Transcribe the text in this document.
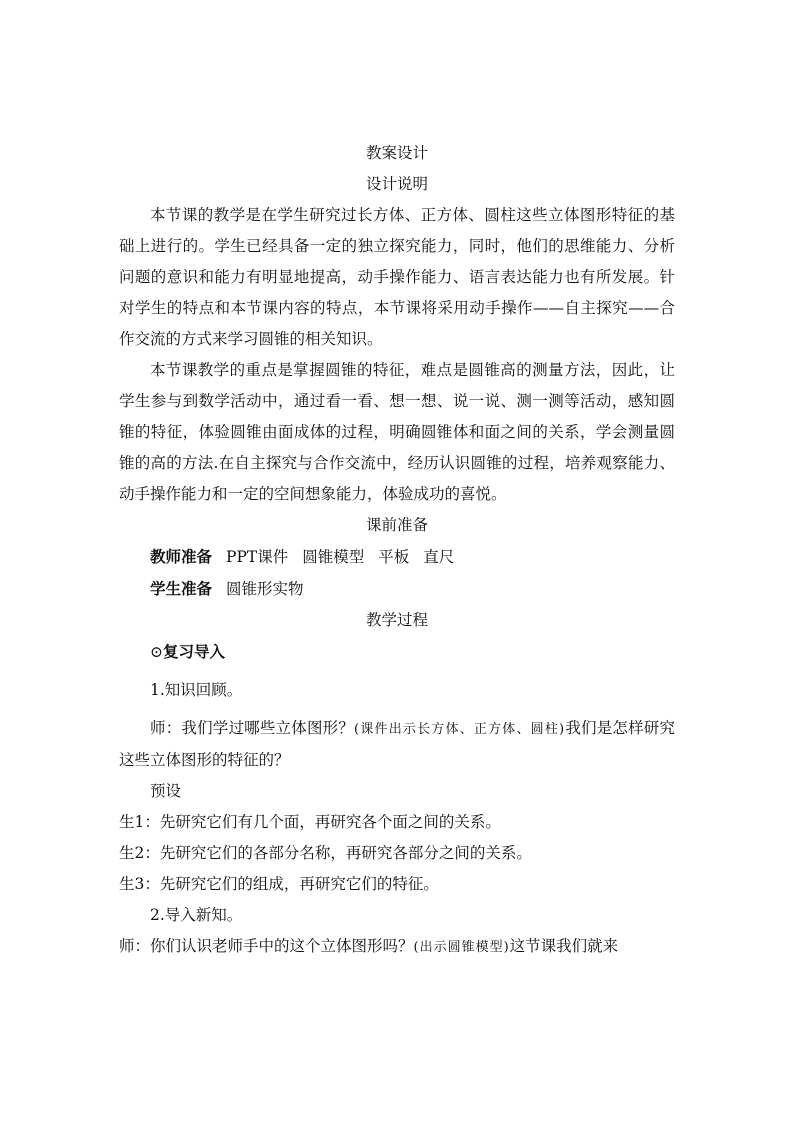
教案设计

设计说明

本节课的教学是在学生研究过长方体、正方体、圆柱这些立体图形特征的基础上进行的。学生已经具备一定的独立探究能力，同时，他们的思维能力、分析问题的意识和能力有明显地提高，动手操作能力、语言表达能力也有所发展。针对学生的特点和本节课内容的特点，本节课将采用动手操作——自主探究——合作交流的方式来学习圆锥的相关知识。

本节课教学的重点是掌握圆锥的特征，难点是圆锥高的测量方法，因此，让学生参与到数学活动中，通过看一看、想一想、说一说、测一测等活动，感知圆锥的特征，体验圆锥由面成体的过程，明确圆锥体和面之间的关系，学会测量圆锥的高的方法.在自主探究与合作交流中，经历认识圆锥的过程，培养观察能力、动手操作能力和一定的空间想象能力，体验成功的喜悦。

课前准备

教师准备 PPT课件 圆锥模型 平板 直尺

学生准备 圆锥形实物

教学过程

⊙复习导入

1.知识回顾。

师：我们学过哪些立体图形？(课件出示长方体、正方体、圆柱)我们是怎样研究这些立体图形的特征的？

预设

生1：先研究它们有几个面，再研究各个面之间的关系。

生2：先研究它们的各部分名称，再研究各部分之间的关系。

生3：先研究它们的组成，再研究它们的特征。

2.导入新知。

师：你们认识老师手中的这个立体图形吗？(出示圆锥模型)这节课我们就来
